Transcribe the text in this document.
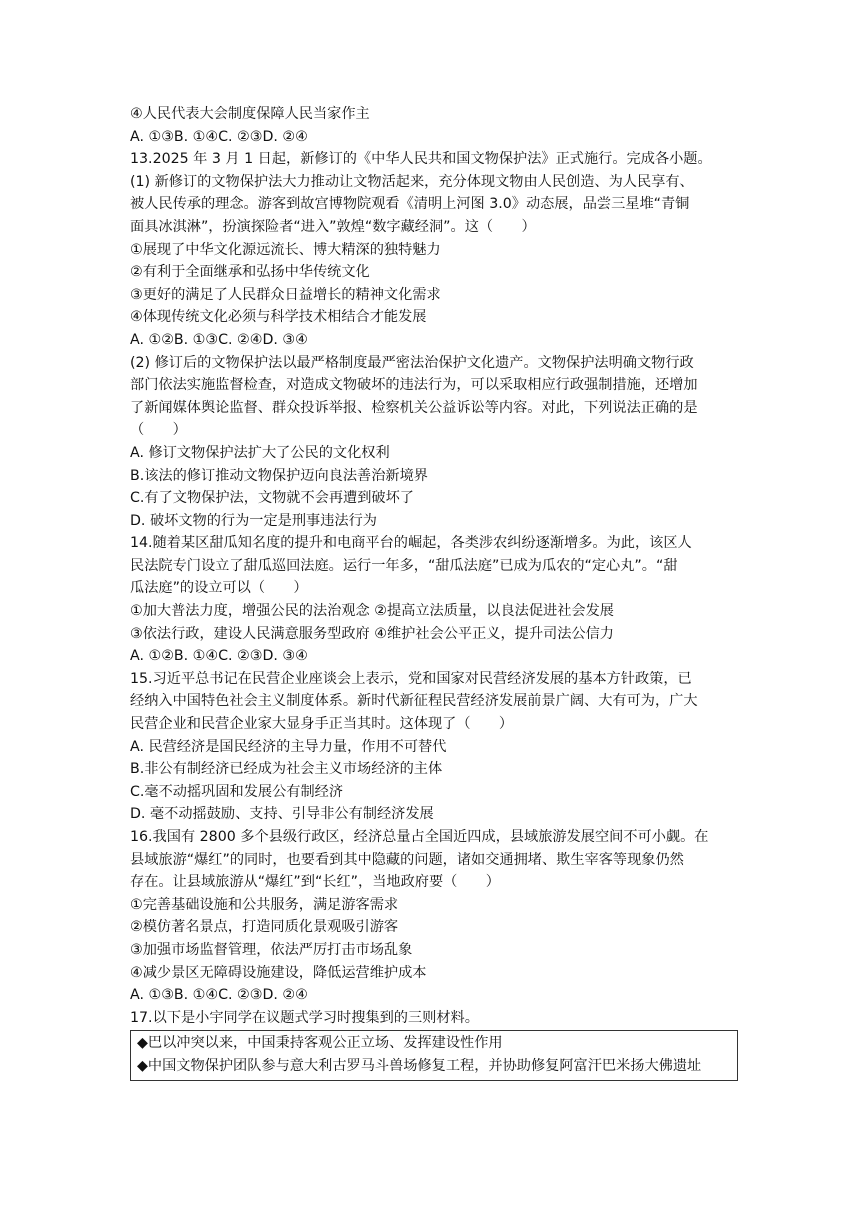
④人民代表大会制度保障人民当家作主

A. ①③B. ①④C. ②③D. ②④

13.2025 年 3 月 1 日起，新修订的《中华人民共和国文物保护法》正式施行。完成各小题。

(1) 新修订的文物保护法大力推动让文物活起来，充分体现文物由人民创造、为人民享有、

被人民传承的理念。游客到故宫博物院观看《清明上河图 3.0》动态展，品尝三星堆“青铜

面具冰淇淋”，扮演探险者“进入”敦煌“数字藏经洞”。这（　　）

①展现了中华文化源远流长、博大精深的独特魅力

②有利于全面继承和弘扬中华传统文化

③更好的满足了人民群众日益增长的精神文化需求

④体现传统文化必须与科学技术相结合才能发展

A. ①②B. ①③C. ②④D. ③④

(2) 修订后的文物保护法以最严格制度最严密法治保护文化遗产。文物保护法明确文物行政

部门依法实施监督检查，对造成文物破坏的违法行为，可以采取相应行政强制措施，还增加

了新闻媒体舆论监督、群众投诉举报、检察机关公益诉讼等内容。对此，下列说法正确的是

（　　）

A. 修订文物保护法扩大了公民的文化权利

B.该法的修订推动文物保护迈向良法善治新境界

C.有了文物保护法，文物就不会再遭到破坏了

D. 破坏文物的行为一定是刑事违法行为

14.随着某区甜瓜知名度的提升和电商平台的崛起，各类涉农纠纷逐渐增多。为此，该区人

民法院专门设立了甜瓜巡回法庭。运行一年多，“甜瓜法庭”已成为瓜农的“定心丸”。“甜

瓜法庭”的设立可以（　　）

①加大普法力度，增强公民的法治观念 ②提高立法质量，以良法促进社会发展

③依法行政，建设人民满意服务型政府 ④维护社会公平正义，提升司法公信力

A. ①②B. ①④C. ②③D. ③④

15.习近平总书记在民营企业座谈会上表示，党和国家对民营经济发展的基本方针政策，已

经纳入中国特色社会主义制度体系。新时代新征程民营经济发展前景广阔、大有可为，广大

民营企业和民营企业家大显身手正当其时。这体现了（　　）

A. 民营经济是国民经济的主导力量，作用不可替代

B.非公有制经济已经成为社会主义市场经济的主体

C.毫不动摇巩固和发展公有制经济

D. 毫不动摇鼓励、支持、引导非公有制经济发展

16.我国有 2800 多个县级行政区，经济总量占全国近四成，县域旅游发展空间不可小觑。在

县域旅游“爆红”的同时，也要看到其中隐藏的问题，诸如交通拥堵、欺生宰客等现象仍然

存在。让县域旅游从“爆红”到“长红”，当地政府要（　　）

①完善基础设施和公共服务，满足游客需求

②模仿著名景点，打造同质化景观吸引游客

③加强市场监督管理，依法严厉打击市场乱象

④减少景区无障碍设施建设，降低运营维护成本

A. ①③B. ①④C. ②③D. ②④

17.以下是小宇同学在议题式学习时搜集到的三则材料。

◆巴以冲突以来，中国秉持客观公正立场、发挥建设性作用

◆中国文物保护团队参与意大利古罗马斗兽场修复工程，并协助修复阿富汗巴米扬大佛遗址
